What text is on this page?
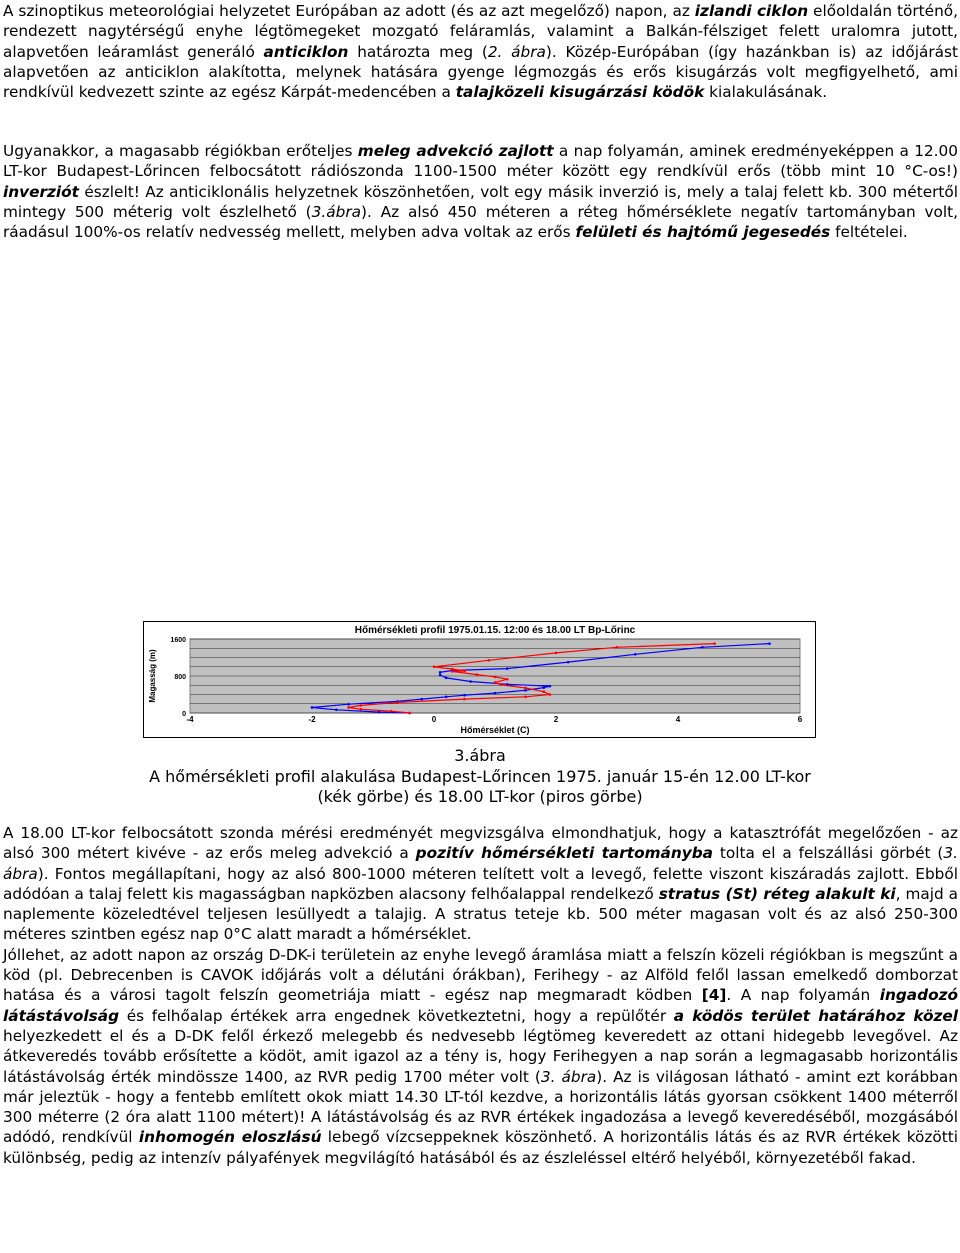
A szinoptikus meteorológiai helyzetet Európában az adott (és az azt megelőző) napon, az izlandi ciklon előoldalán történő, rendezett nagytérségű enyhe légtömegeket mozgató feláramlás, valamint a Balkán-félsziget felett uralomra jutott, alapvetően leáramlást generáló anticiklon határozta meg (2. ábra). Közép-Európában (így hazánkban is) az időjárást alapvetően az anticiklon alakította, melynek hatására gyenge légmozgás és erős kisugárzás volt megfigyelhető, ami rendkívül kedvezett szinte az egész Kárpát-medencében a talajközeli kisugárzási ködök kialakulásának.
Ugyanakkor, a magasabb régiókban erőteljes meleg advekció zajlott a nap folyamán, aminek eredményeképpen a 12.00 LT-kor Budapest-Lőrincen felbocsátott rádiószonda 1100-1500 méter között egy rendkívül erős (több mint 10 °C-os!) inverziót észlelt! Az anticiklonális helyzetnek köszönhetően, volt egy másik inverzió is, mely a talaj felett kb. 300 métertől mintegy 500 méterig volt észlelhető (3.ábra). Az alsó 450 méteren a réteg hőmérséklete negatív tartományban volt, ráadásul 100%-os relatív nedvesség mellett, melyben adva voltak az erős felületi és hajtómű jegesedés feltételei.
Hőmérsékleti profil 1975.01.15. 12:00 és 18.00 LT Bp-Lőrinc
-4	-2	0	2	4	6
0
800
1600
Hőmérséklet (C)
Magasság (m)
3.ábra
A hőmérsékleti profil alakulása Budapest-Lőrincen 1975. január 15-én 12.00 LT-kor
(kék görbe) és 18.00 LT-kor (piros görbe)
A 18.00 LT-kor felbocsátott szonda mérési eredményét megvizsgálva elmondhatjuk, hogy a katasztrófát megelőzően - az alsó 300 métert kivéve - az erős meleg advekció a pozitív hőmérsékleti tartományba tolta el a felszállási görbét (3. ábra). Fontos megállapítani, hogy az alsó 800-1000 méteren telített volt a levegő, felette viszont kiszáradás zajlott. Ebből adódóan a talaj felett kis magasságban napközben alacsony felhőalappal rendelkező stratus (St) réteg alakult ki, majd a naplemente közeledtével teljesen lesüllyedt a talajig. A stratus teteje kb. 500 méter magasan volt és az alsó 250-300 méteres szintben egész nap 0°C alatt maradt a hőmérséklet.
Jóllehet, az adott napon az ország D-DK-i területein az enyhe levegő áramlása miatt a felszín közeli régiókban is megszűnt a köd (pl. Debrecenben is CAVOK időjárás volt a délutáni órákban), Ferihegy - az Alföld felől lassan emelkedő domborzat hatása és a városi tagolt felszín geometriája miatt - egész nap megmaradt ködben [4]. A nap folyamán ingadozó látástávolság és felhőalap értékek arra engednek következtetni, hogy a repülőtér a ködös terület határához közel helyezkedett el és a D-DK felől érkező melegebb és nedvesebb légtömeg keveredett az ottani hidegebb levegővel. Az átkeveredés tovább erősítette a ködöt, amit igazol az a tény is, hogy Ferihegyen a nap során a legmagasabb horizontális látástávolság érték mindössze 1400, az RVR pedig 1700 méter volt (3. ábra). Az is világosan látható - amint ezt korábban már jeleztük - hogy a fentebb említett okok miatt 14.30 LT-tól kezdve, a horizontális látás gyorsan csökkent 1400 méterről 300 méterre (2 óra alatt 1100 métert)! A látástávolság és az RVR értékek ingadozása a levegő keveredéséből, mozgásából adódó, rendkívül inhomogén eloszlású lebegő vízcseppeknek köszönhető. A horizontális látás és az RVR értékek közötti különbség, pedig az intenzív pályafények megvilágító hatásából és az észleléssel eltérő helyéből, környezetéből fakad.
